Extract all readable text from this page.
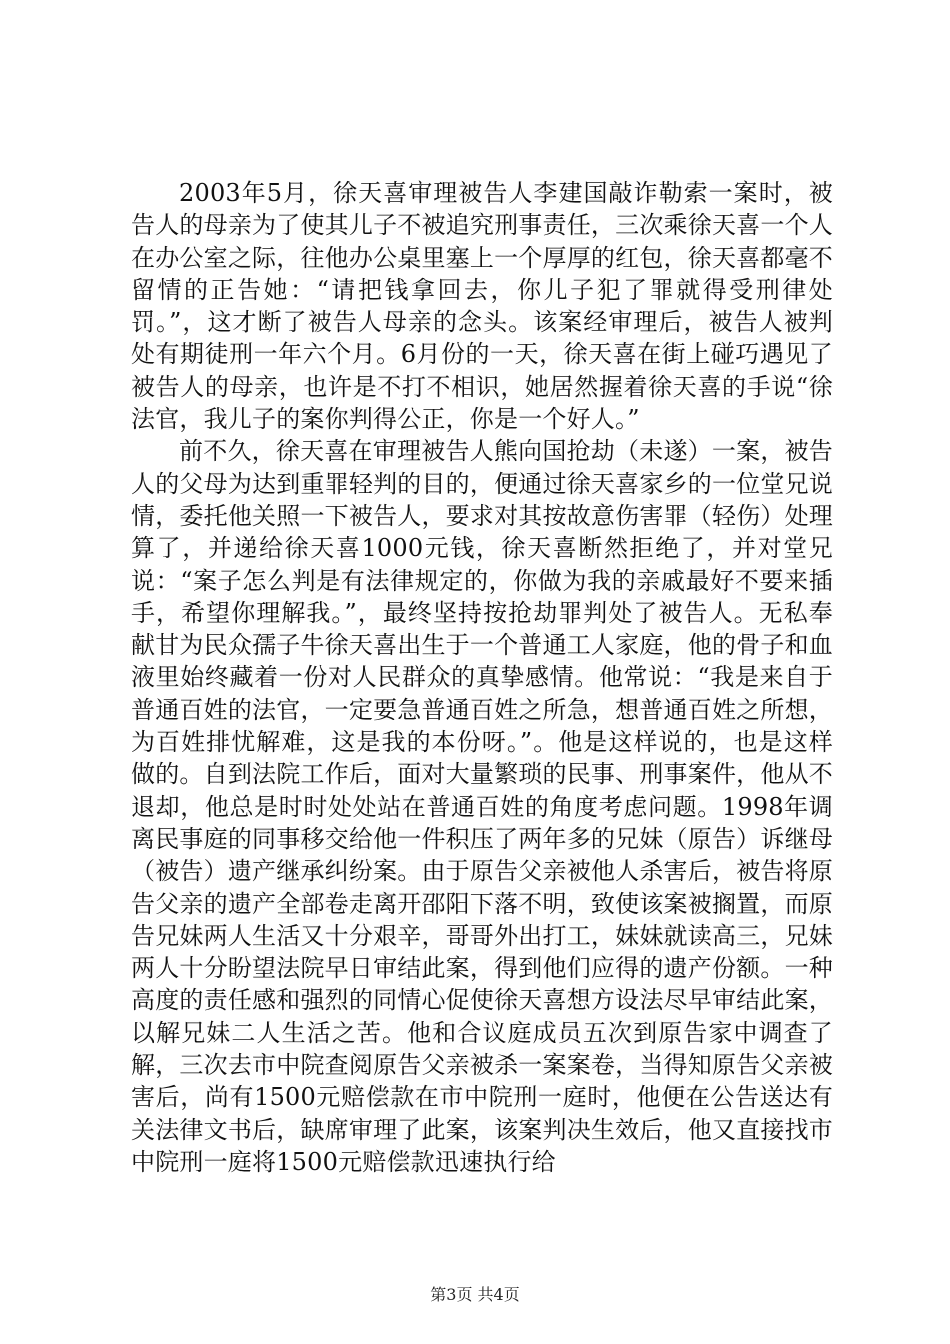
2003年5月，徐天喜审理被告人李建国敲诈勒索一案时，被告人的母亲为了使其儿子不被追究刑事责任，三次乘徐天喜一个人在办公室之际，往他办公桌里塞上一个厚厚的红包，徐天喜都毫不留情的正告她：“请把钱拿回去，你儿子犯了罪就得受刑律处罚。”，这才断了被告人母亲的念头。该案经审理后，被告人被判处有期徒刑一年六个月。6月份的一天，徐天喜在街上碰巧遇见了被告人的母亲，也许是不打不相识，她居然握着徐天喜的手说“徐法官，我儿子的案你判得公正，你是一个好人。”

前不久，徐天喜在审理被告人熊向国抢劫（未遂）一案，被告人的父母为达到重罪轻判的目的，便通过徐天喜家乡的一位堂兄说情，委托他关照一下被告人，要求对其按故意伤害罪（轻伤）处理算了，并递给徐天喜1000元钱，徐天喜断然拒绝了，并对堂兄说：“案子怎么判是有法律规定的，你做为我的亲戚最好不要来插手，希望你理解我。”，最终坚持按抢劫罪判处了被告人。无私奉献甘为民众孺子牛徐天喜出生于一个普通工人家庭，他的骨子和血液里始终藏着一份对人民群众的真挚感情。他常说：“我是来自于普通百姓的法官，一定要急普通百姓之所急，想普通百姓之所想，为百姓排忧解难，这是我的本份呀。”。他是这样说的，也是这样做的。自到法院工作后，面对大量繁琐的民事、刑事案件，他从不退却，他总是时时处处站在普通百姓的角度考虑问题。1998年调离民事庭的同事移交给他一件积压了两年多的兄妹（原告）诉继母（被告）遗产继承纠纷案。由于原告父亲被他人杀害后，被告将原告父亲的遗产全部卷走离开邵阳下落不明，致使该案被搁置，而原告兄妹两人生活又十分艰辛，哥哥外出打工，妹妹就读高三，兄妹两人十分盼望法院早日审结此案，得到他们应得的遗产份额。一种高度的责任感和强烈的同情心促使徐天喜想方设法尽早审结此案，以解兄妹二人生活之苦。他和合议庭成员五次到原告家中调查了解，三次去市中院查阅原告父亲被杀一案案卷，当得知原告父亲被害后，尚有1500元赔偿款在市中院刑一庭时，他便在公告送达有关法律文书后，缺席审理了此案，该案判决生效后，他又直接找市中院刑一庭将1500元赔偿款迅速执行给

第3页 共4页
